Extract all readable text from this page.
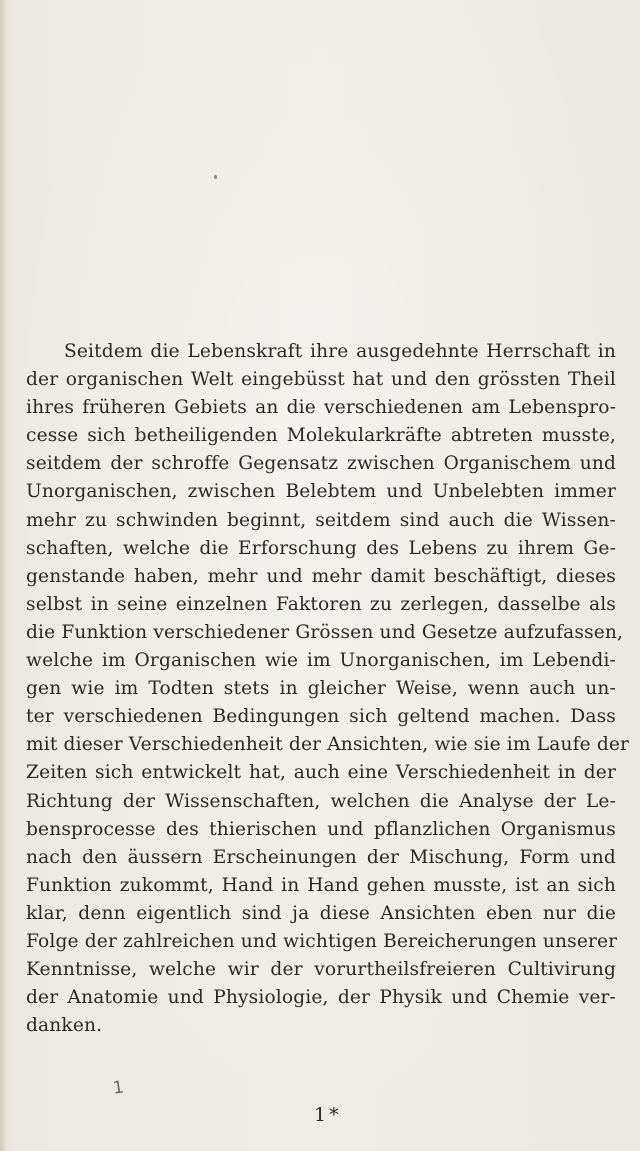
Seitdem die Lebenskraft ihre ausgedehnte Herrschaft in
der organischen Welt eingebüsst hat und den grössten Theil
ihres früheren Gebiets an die verschiedenen am Lebenspro-
cesse sich betheiligenden Molekularkräfte abtreten musste,
seitdem der schroffe Gegensatz zwischen Organischem und
Unorganischen, zwischen Belebtem und Unbelebten immer
mehr zu schwinden beginnt, seitdem sind auch die Wissen-
schaften, welche die Erforschung des Lebens zu ihrem Ge-
genstande haben, mehr und mehr damit beschäftigt, dieses
selbst in seine einzelnen Faktoren zu zerlegen, dasselbe als
die Funktion verschiedener Grössen und Gesetze aufzufassen,
welche im Organischen wie im Unorganischen, im Lebendi-
gen wie im Todten stets in gleicher Weise, wenn auch un-
ter verschiedenen Bedingungen sich geltend machen. Dass
mit dieser Verschiedenheit der Ansichten, wie sie im Laufe der
Zeiten sich entwickelt hat, auch eine Verschiedenheit in der
Richtung der Wissenschaften, welchen die Analyse der Le-
bensprocesse des thierischen und pflanzlichen Organismus
nach den äussern Erscheinungen der Mischung, Form und
Funktion zukommt, Hand in Hand gehen musste, ist an sich
klar, denn eigentlich sind ja diese Ansichten eben nur die
Folge der zahlreichen und wichtigen Bereicherungen unserer
Kenntnisse, welche wir der vorurtheilsfreieren Cultivirung
der Anatomie und Physiologie, der Physik und Chemie ver-
danken.
1
1*
